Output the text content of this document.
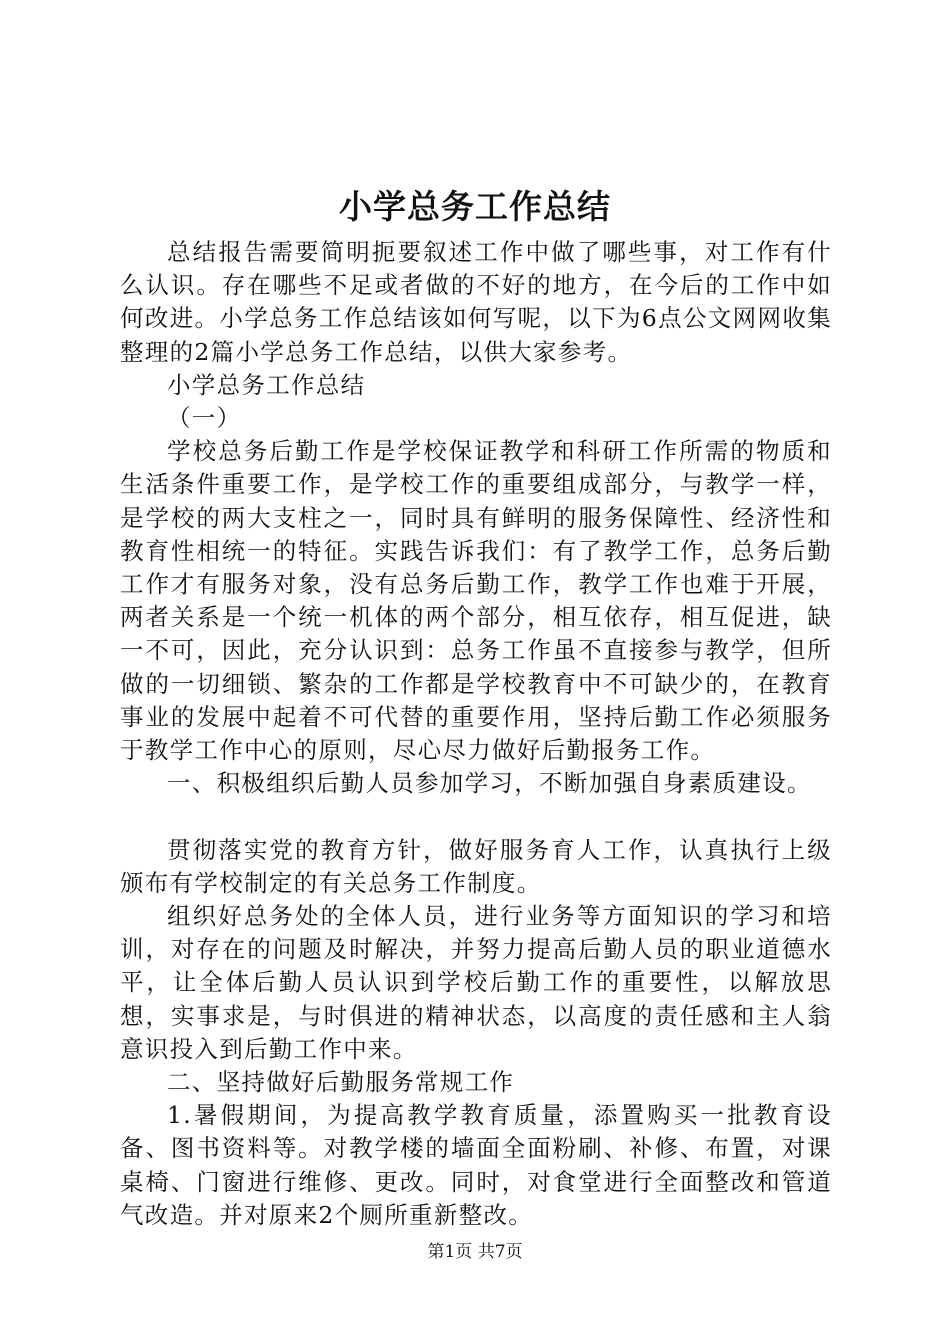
小学总务工作总结

总结报告需要简明扼要叙述工作中做了哪些事，对工作有什么认识。存在哪些不足或者做的不好的地方，在今后的工作中如何改进。小学总务工作总结该如何写呢，以下为6点公文网网收集整理的2篇小学总务工作总结，以供大家参考。

小学总务工作总结

（一）

学校总务后勤工作是学校保证教学和科研工作所需的物质和生活条件重要工作，是学校工作的重要组成部分，与教学一样，是学校的两大支柱之一，同时具有鲜明的服务保障性、经济性和教育性相统一的特征。实践告诉我们：有了教学工作，总务后勤工作才有服务对象，没有总务后勤工作，教学工作也难于开展，两者关系是一个统一机体的两个部分，相互依存，相互促进，缺一不可，因此，充分认识到：总务工作虽不直接参与教学，但所做的一切细锁、繁杂的工作都是学校教育中不可缺少的，在教育事业的发展中起着不可代替的重要作用，坚持后勤工作必须服务于教学工作中心的原则，尽心尽力做好后勤报务工作。

一、积极组织后勤人员参加学习，不断加强自身素质建设。

贯彻落实党的教育方针，做好服务育人工作，认真执行上级颁布有学校制定的有关总务工作制度。

组织好总务处的全体人员，进行业务等方面知识的学习和培训，对存在的问题及时解决，并努力提高后勤人员的职业道德水平，让全体后勤人员认识到学校后勤工作的重要性，以解放思想，实事求是，与时俱进的精神状态，以高度的责任感和主人翁意识投入到后勤工作中来。

二、坚持做好后勤服务常规工作

1.暑假期间，为提高教学教育质量，添置购买一批教育设备、图书资料等。对教学楼的墙面全面粉刷、补修、布置，对课桌椅、门窗进行维修、更改。同时，对食堂进行全面整改和管道气改造。并对原来2个厕所重新整改。

第1页 共7页
